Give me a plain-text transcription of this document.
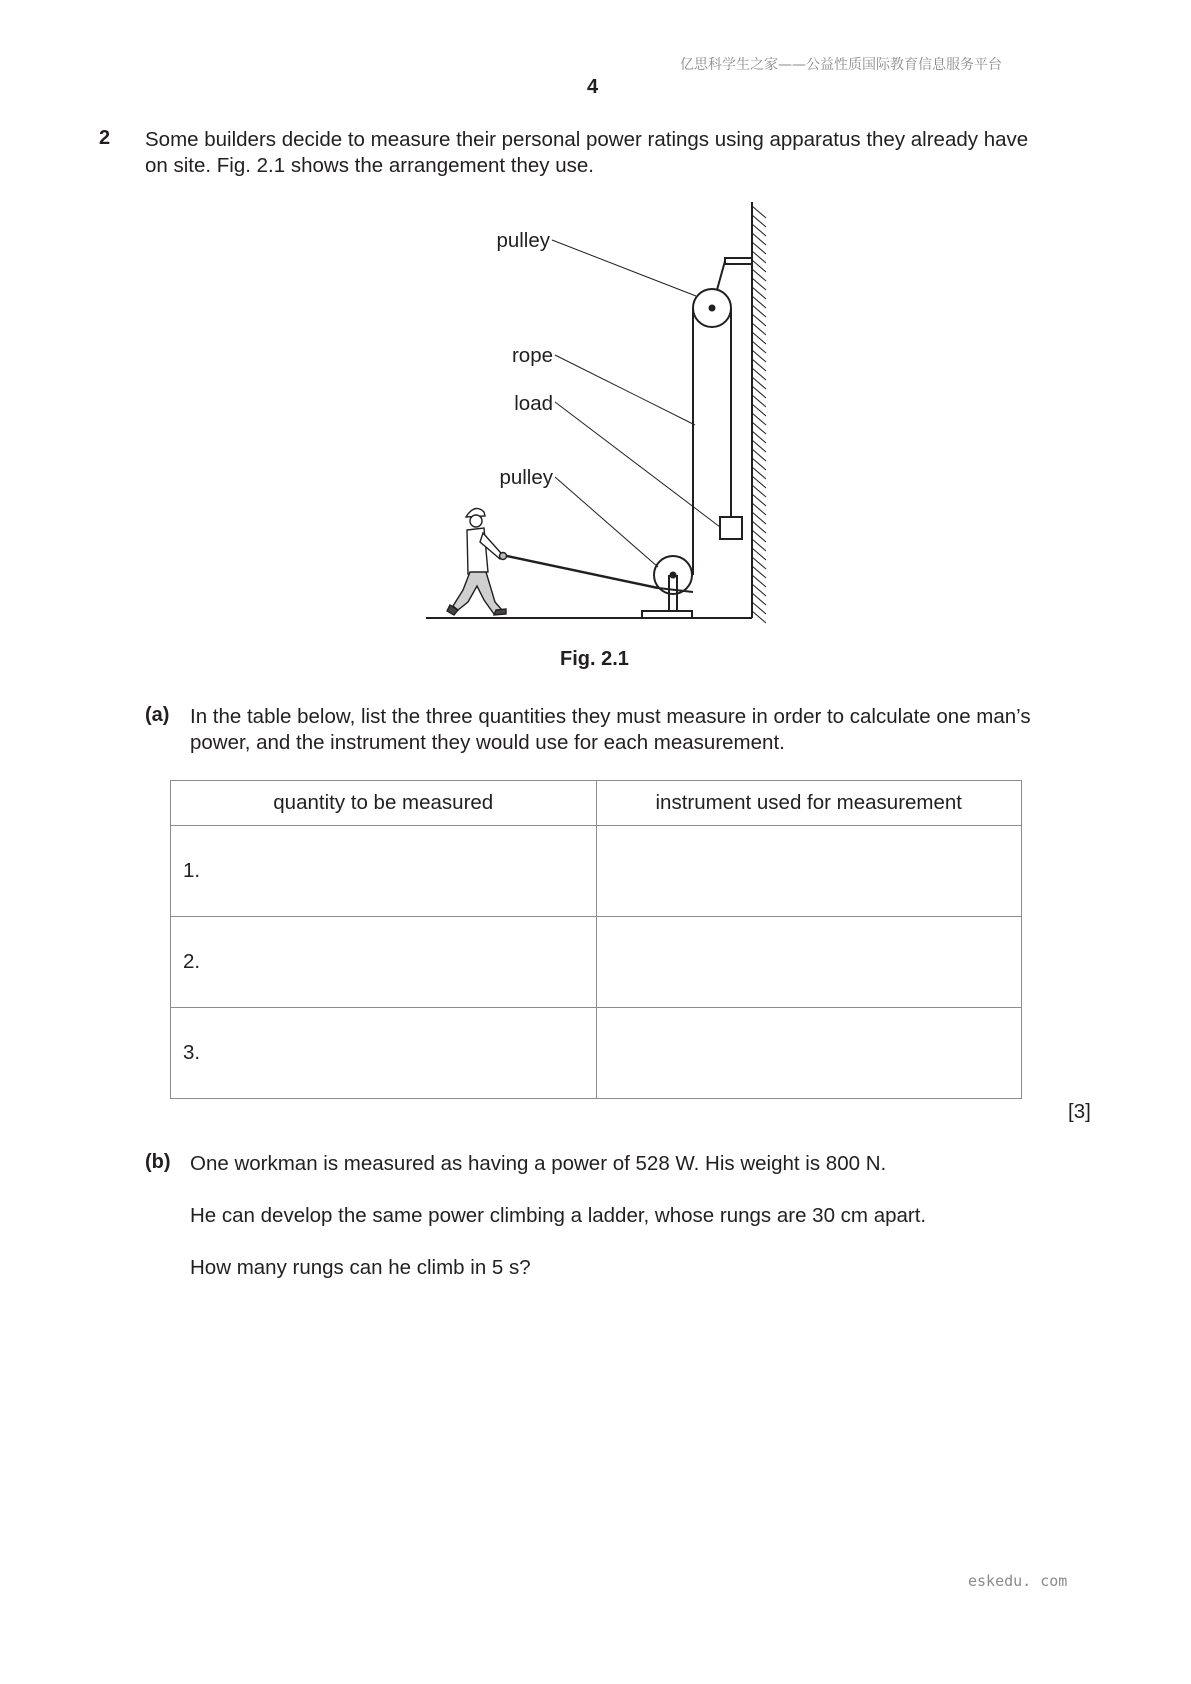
亿思科学生之家——公益性质国际教育信息服务平台
4
2 Some builders decide to measure their personal power ratings using apparatus they already have
on site. Fig. 2.1 shows the arrangement they use.
pulley
rope
load
pulley
Fig. 2.1
(a) In the table below, list the three quantities they must measure in order to calculate one man’s
power, and the instrument they would use for each measurement.
quantity to be measured	instrument used for measurement
1.	
2.	
3.	
[3]
(b) One workman is measured as having a power of 528 W. His weight is 800 N.
He can develop the same power climbing a ladder, whose rungs are 30 cm apart.
How many rungs can he climb in 5 s?
eskedu. com
